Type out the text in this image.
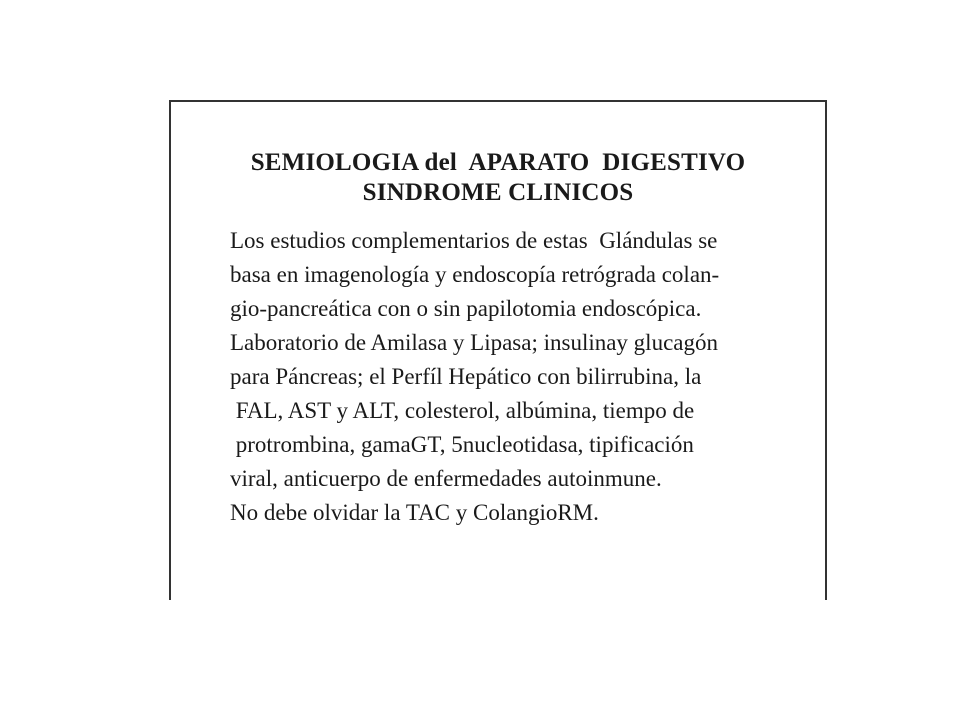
SEMIOLOGIA del  APARATO  DIGESTIVO
SINDROME CLINICOS
Los estudios complementarios de estas  Glándulas se
basa en imagenología y endoscopía retrógrada colan-
gio-pancreática con o sin papilotomia endoscópica.
Laboratorio de Amilasa y Lipasa; insulinay glucagón
para Páncreas; el Perfíl Hepático con bilirrubina, la
FAL, AST y ALT, colesterol, albúmina, tiempo de
protrombina, gamaGT, 5nucleotidasa, tipificación
viral, anticuerpo de enfermedades autoinmune.
No debe olvidar la TAC y ColangioRM.
